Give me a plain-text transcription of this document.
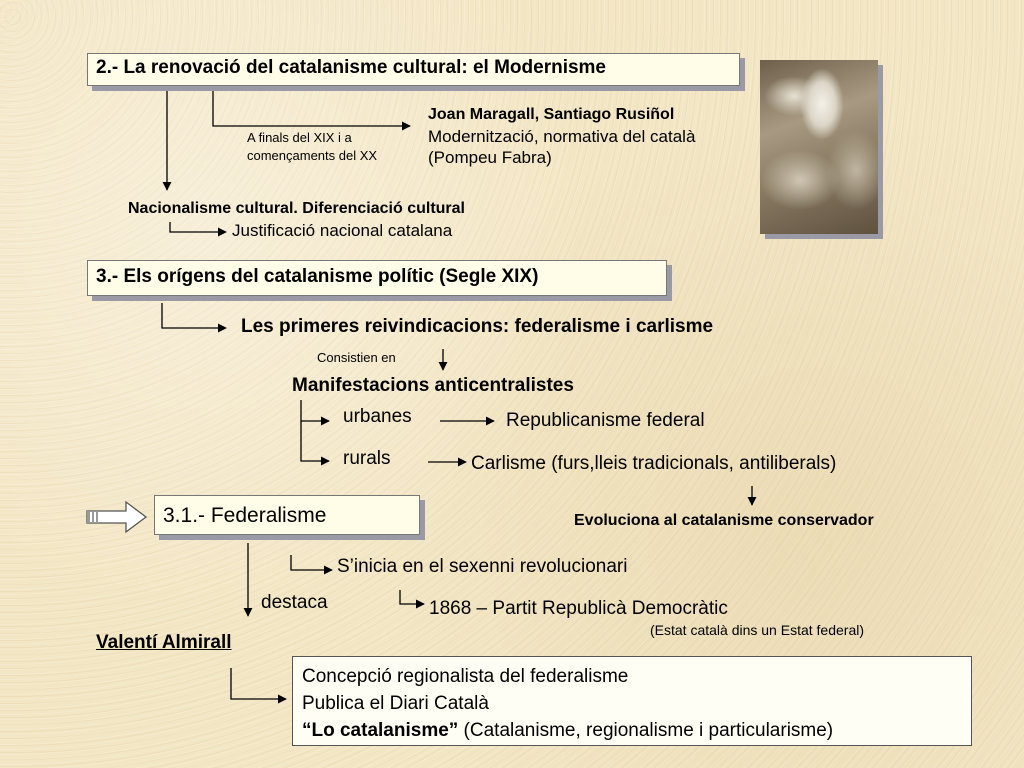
2.- La renovació del catalanisme cultural: el Modernisme
A finals del XIX i a
començaments del XX
Joan Maragall, Santiago Rusiñol
Modernització, normativa del català
(Pompeu Fabra)
Nacionalisme cultural. Diferenciació cultural
Justificació nacional catalana
3.- Els orígens del catalanisme polític (Segle XIX)
Les primeres reivindicacions: federalisme i carlisme
Consistien en
Manifestacions anticentralistes
urbanes	Republicanisme federal
rurals	Carlisme (furs,lleis tradicionals, antiliberals)
Evoluciona al catalanisme conservador
3.1.- Federalisme
S’inicia en el sexenni revolucionari
destaca	1868 – Partit Republicà Democràtic
(Estat català dins un Estat federal)
Valentí Almirall
Concepció regionalista del federalisme
Publica el Diari Català
“Lo catalanisme” (Catalanisme, regionalisme i particularisme)
